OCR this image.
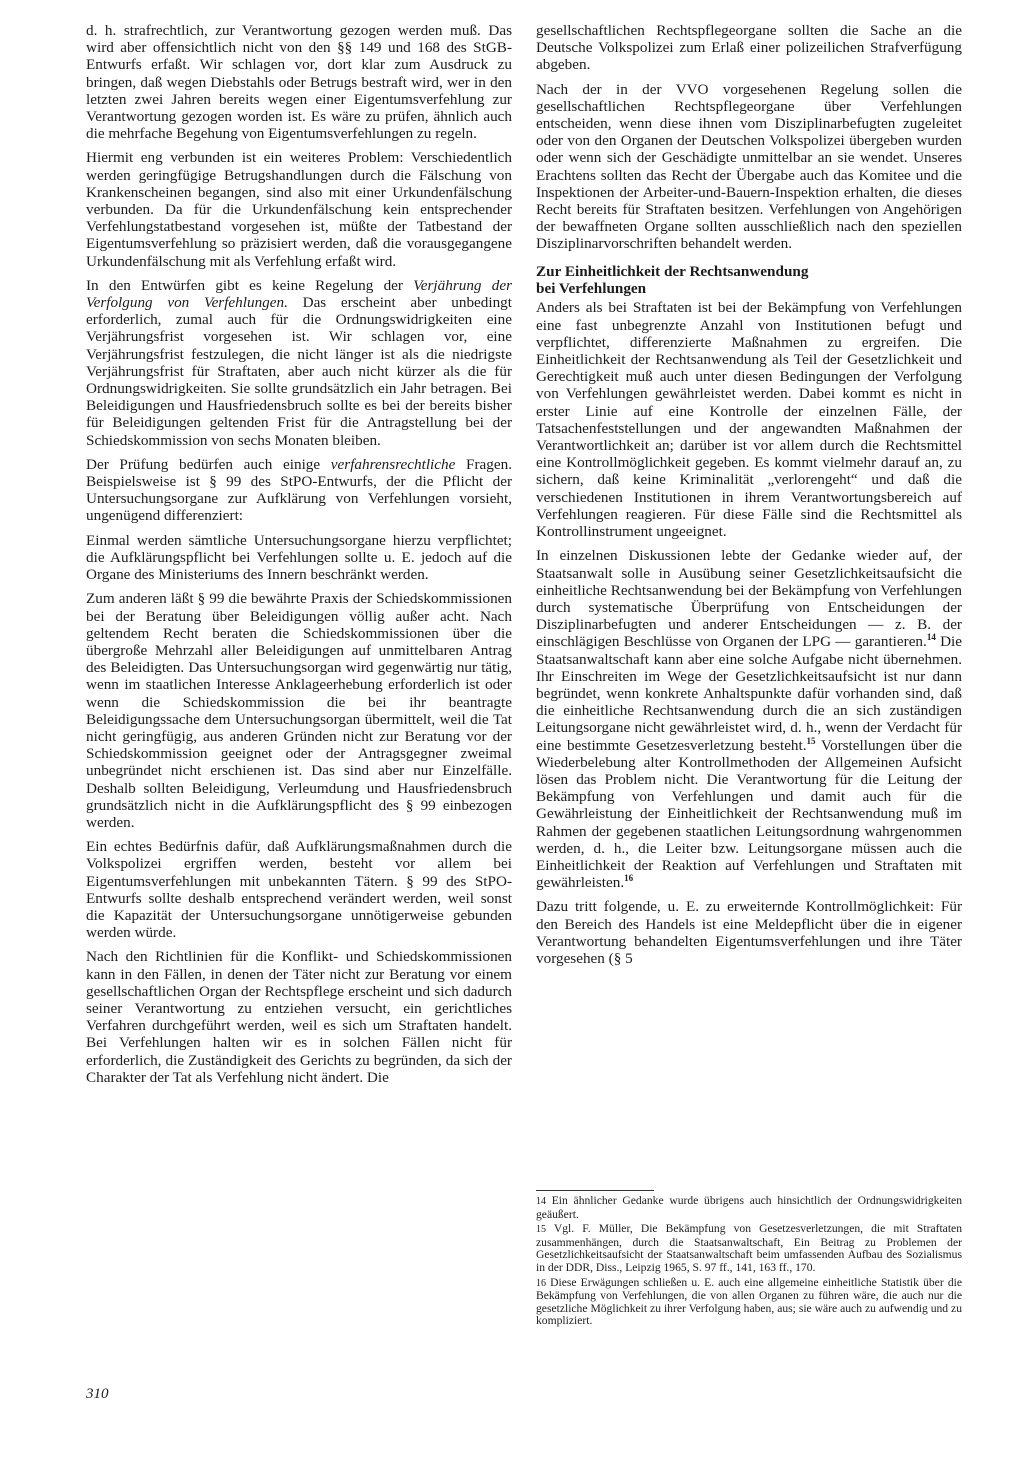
d. h. strafrechtlich, zur Verantwortung gezogen werden muß. Das wird aber offensichtlich nicht von den §§ 149 und 168 des StGB-Entwurfs erfaßt. Wir schlagen vor, dort klar zum Ausdruck zu bringen, daß wegen Diebstahls oder Betrugs bestraft wird, wer in den letzten zwei Jahren bereits wegen einer Eigentumsverfehlung zur Verantwortung gezogen worden ist. Es wäre zu prüfen, ähnlich auch die mehrfache Begehung von Eigentumsverfehlungen zu regeln.

Hiermit eng verbunden ist ein weiteres Problem: Verschiedentlich werden geringfügige Betrugshandlungen durch die Fälschung von Krankenscheinen begangen, sind also mit einer Urkundenfälschung verbunden. Da für die Urkundenfälschung kein entsprechender Verfehlungstatbestand vorgesehen ist, müßte der Tatbestand der Eigentumsverfehlung so präzisiert werden, daß die vorausgegangene Urkundenfälschung mit als Verfehlung erfaßt wird.

In den Entwürfen gibt es keine Regelung der Verjährung der Verfolgung von Verfehlungen. Das erscheint aber unbedingt erforderlich, zumal auch für die Ordnungswidrigkeiten eine Verjährungsfrist vorgesehen ist. Wir schlagen vor, eine Verjährungsfrist festzulegen, die nicht länger ist als die niedrigste Verjährungsfrist für Straftaten, aber auch nicht kürzer als die für Ordnungswidrigkeiten. Sie sollte grundsätzlich ein Jahr betragen. Bei Beleidigungen und Hausfriedensbruch sollte es bei der bereits bisher für Beleidigungen geltenden Frist für die Antragstellung bei der Schiedskommission von sechs Monaten bleiben.

Der Prüfung bedürfen auch einige verfahrensrechtliche Fragen. Beispielsweise ist § 99 des StPO-Entwurfs, der die Pflicht der Untersuchungsorgane zur Aufklärung von Verfehlungen vorsieht, ungenügend differenziert:

Einmal werden sämtliche Untersuchungsorgane hierzu verpflichtet; die Aufklärungspflicht bei Verfehlungen sollte u. E. jedoch auf die Organe des Ministeriums des Innern beschränkt werden.

Zum anderen läßt § 99 die bewährte Praxis der Schiedskommissionen bei der Beratung über Beleidigungen völlig außer acht. Nach geltendem Recht beraten die Schiedskommissionen über die übergroße Mehrzahl aller Beleidigungen auf unmittelbaren Antrag des Beleidigten. Das Untersuchungsorgan wird gegenwärtig nur tätig, wenn im staatlichen Interesse Anklageerhebung erforderlich ist oder wenn die Schiedskommission die bei ihr beantragte Beleidigungssache dem Untersuchungsorgan übermittelt, weil die Tat nicht geringfügig, aus anderen Gründen nicht zur Beratung vor der Schiedskommission geeignet oder der Antragsgegner zweimal unbegründet nicht erschienen ist. Das sind aber nur Einzelfälle. Deshalb sollten Beleidigung, Verleumdung und Hausfriedensbruch grundsätzlich nicht in die Aufklärungspflicht des § 99 einbezogen werden.

Ein echtes Bedürfnis dafür, daß Aufklärungsmaßnahmen durch die Volkspolizei ergriffen werden, besteht vor allem bei Eigentumsverfehlungen mit unbekannten Tätern. § 99 des StPO-Entwurfs sollte deshalb entsprechend verändert werden, weil sonst die Kapazität der Untersuchungsorgane unnötigerweise gebunden werden würde.

Nach den Richtlinien für die Konflikt- und Schiedskommissionen kann in den Fällen, in denen der Täter nicht zur Beratung vor einem gesellschaftlichen Organ der Rechtspflege erscheint und sich dadurch seiner Verantwortung zu entziehen versucht, ein gerichtliches Verfahren durchgeführt werden, weil es sich um Straftaten handelt. Bei Verfehlungen halten wir es in solchen Fällen nicht für erforderlich, die Zuständigkeit des Gerichts zu begründen, da sich der Charakter der Tat als Verfehlung nicht ändert. Die

gesellschaftlichen Rechtspflegeorgane sollten die Sache an die Deutsche Volkspolizei zum Erlaß einer polizeilichen Strafverfügung abgeben.

Nach der in der VVO vorgesehenen Regelung sollen die gesellschaftlichen Rechtspflegeorgane über Verfehlungen entscheiden, wenn diese ihnen vom Disziplinarbefugten zugeleitet oder von den Organen der Deutschen Volkspolizei übergeben wurden oder wenn sich der Geschädigte unmittelbar an sie wendet. Unseres Erachtens sollten das Recht der Übergabe auch das Komitee und die Inspektionen der Arbeiter-und-Bauern-Inspektion erhalten, die dieses Recht bereits für Straftaten besitzen. Verfehlungen von Angehörigen der bewaffneten Organe sollten ausschließlich nach den speziellen Disziplinarvorschriften behandelt werden.

Zur Einheitlichkeit der Rechtsanwendung
bei Verfehlungen

Anders als bei Straftaten ist bei der Bekämpfung von Verfehlungen eine fast unbegrenzte Anzahl von Institutionen befugt und verpflichtet, differenzierte Maßnahmen zu ergreifen. Die Einheitlichkeit der Rechtsanwendung als Teil der Gesetzlichkeit und Gerechtigkeit muß auch unter diesen Bedingungen der Verfolgung von Verfehlungen gewährleistet werden. Dabei kommt es nicht in erster Linie auf eine Kontrolle der einzelnen Fälle, der Tatsachenfeststellungen und der angewandten Maßnahmen der Verantwortlichkeit an; darüber ist vor allem durch die Rechtsmittel eine Kontrollmöglichkeit gegeben. Es kommt vielmehr darauf an, zu sichern, daß keine Kriminalität „verlorengeht“ und daß die verschiedenen Institutionen in ihrem Verantwortungsbereich auf Verfehlungen reagieren. Für diese Fälle sind die Rechtsmittel als Kontrollinstrument ungeeignet.

In einzelnen Diskussionen lebte der Gedanke wieder auf, der Staatsanwalt solle in Ausübung seiner Gesetzlichkeitsaufsicht die einheitliche Rechtsanwendung bei der Bekämpfung von Verfehlungen durch systematische Überprüfung von Entscheidungen der Disziplinarbefugten und anderer Entscheidungen — z. B. der einschlägigen Beschlüsse von Organen der LPG — garantieren.$^{14}$ Die Staatsanwaltschaft kann aber eine solche Aufgabe nicht übernehmen. Ihr Einschreiten im Wege der Gesetzlichkeitsaufsicht ist nur dann begründet, wenn konkrete Anhaltspunkte dafür vorhanden sind, daß die einheitliche Rechtsanwendung durch die an sich zuständigen Leitungsorgane nicht gewährleistet wird, d. h., wenn der Verdacht für eine bestimmte Gesetzesverletzung besteht.$^{15}$ Vorstellungen über die Wiederbelebung alter Kontrollmethoden der Allgemeinen Aufsicht lösen das Problem nicht. Die Verantwortung für die Leitung der Bekämpfung von Verfehlungen und damit auch für die Gewährleistung der Einheitlichkeit der Rechtsanwendung muß im Rahmen der gegebenen staatlichen Leitungsordnung wahrgenommen werden, d. h., die Leiter bzw. Leitungsorgane müssen auch die Einheitlichkeit der Reaktion auf Verfehlungen und Straftaten mit gewährleisten.$^{16}$

Dazu tritt folgende, u. E. zu erweiternde Kontrollmöglichkeit: Für den Bereich des Handels ist eine Meldepflicht über die in eigener Verantwortung behandelten Eigentumsverfehlungen und ihre Täter vorgesehen (§ 5

14 Ein ähnlicher Gedanke wurde übrigens auch hinsichtlich der Ordnungswidrigkeiten geäußert.

15 Vgl. F. Müller, Die Bekämpfung von Gesetzesverletzungen, die mit Straftaten zusammenhängen, durch die Staatsanwaltschaft, Ein Beitrag zu Problemen der Gesetzlichkeitsaufsicht der Staatsanwaltschaft beim umfassenden Aufbau des Sozialismus in der DDR, Diss., Leipzig 1965, S. 97 ff., 141, 163 ff., 170.

16 Diese Erwägungen schließen u. E. auch eine allgemeine einheitliche Statistik über die Bekämpfung von Verfehlungen, die von allen Organen zu führen wäre, die auch nur die gesetzliche Möglichkeit zu ihrer Verfolgung haben, aus; sie wäre auch zu aufwendig und zu kompliziert.

310
